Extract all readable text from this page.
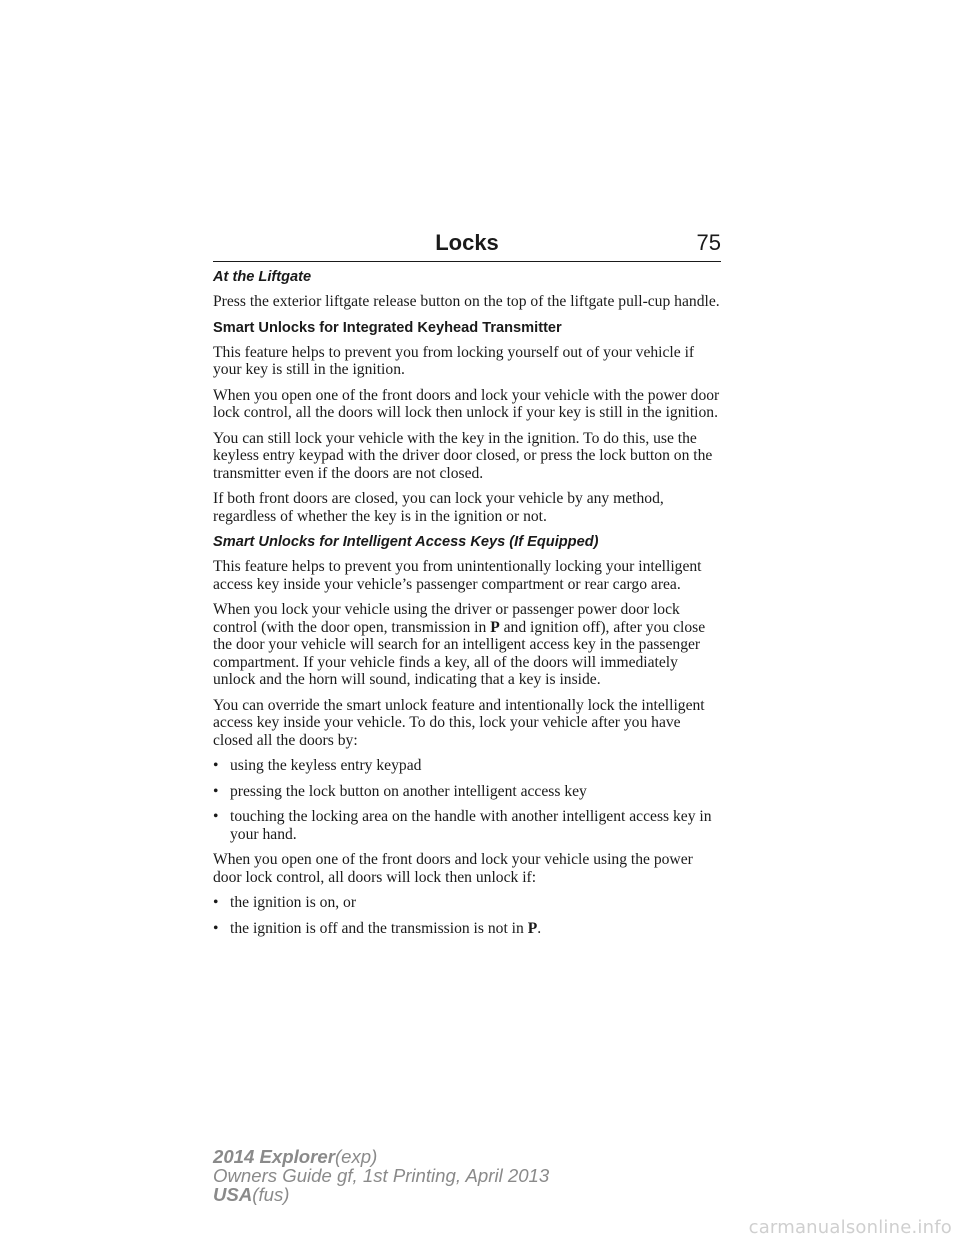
Locks	75
At the Liftgate

Press the exterior liftgate release button on the top of the liftgate pull-cup handle.

Smart Unlocks for Integrated Keyhead Transmitter

This feature helps to prevent you from locking yourself out of your vehicle if your key is still in the ignition.

When you open one of the front doors and lock your vehicle with the power door lock control, all the doors will lock then unlock if your key is still in the ignition.

You can still lock your vehicle with the key in the ignition. To do this, use the keyless entry keypad with the driver door closed, or press the lock button on the transmitter even if the doors are not closed.

If both front doors are closed, you can lock your vehicle by any method, regardless of whether the key is in the ignition or not.

Smart Unlocks for Intelligent Access Keys (If Equipped)

This feature helps to prevent you from unintentionally locking your intelligent access key inside your vehicle’s passenger compartment or rear cargo area.

When you lock your vehicle using the driver or passenger power door lock control (with the door open, transmission in P and ignition off), after you close the door your vehicle will search for an intelligent access key in the passenger compartment. If your vehicle finds a key, all of the doors will immediately unlock and the horn will sound, indicating that a key is inside.

You can override the smart unlock feature and intentionally lock the intelligent access key inside your vehicle. To do this, lock your vehicle after you have closed all the doors by:

• using the keyless entry keypad
• pressing the lock button on another intelligent access key
• touching the locking area on the handle with another intelligent access key in your hand.

When you open one of the front doors and lock your vehicle using the power door lock control, all doors will lock then unlock if:

• the ignition is on, or
• the ignition is off and the transmission is not in P.
2014 Explorer(exp)
Owners Guide gf, 1st Printing, April 2013
USA(fus)
carmanualsonline.info
